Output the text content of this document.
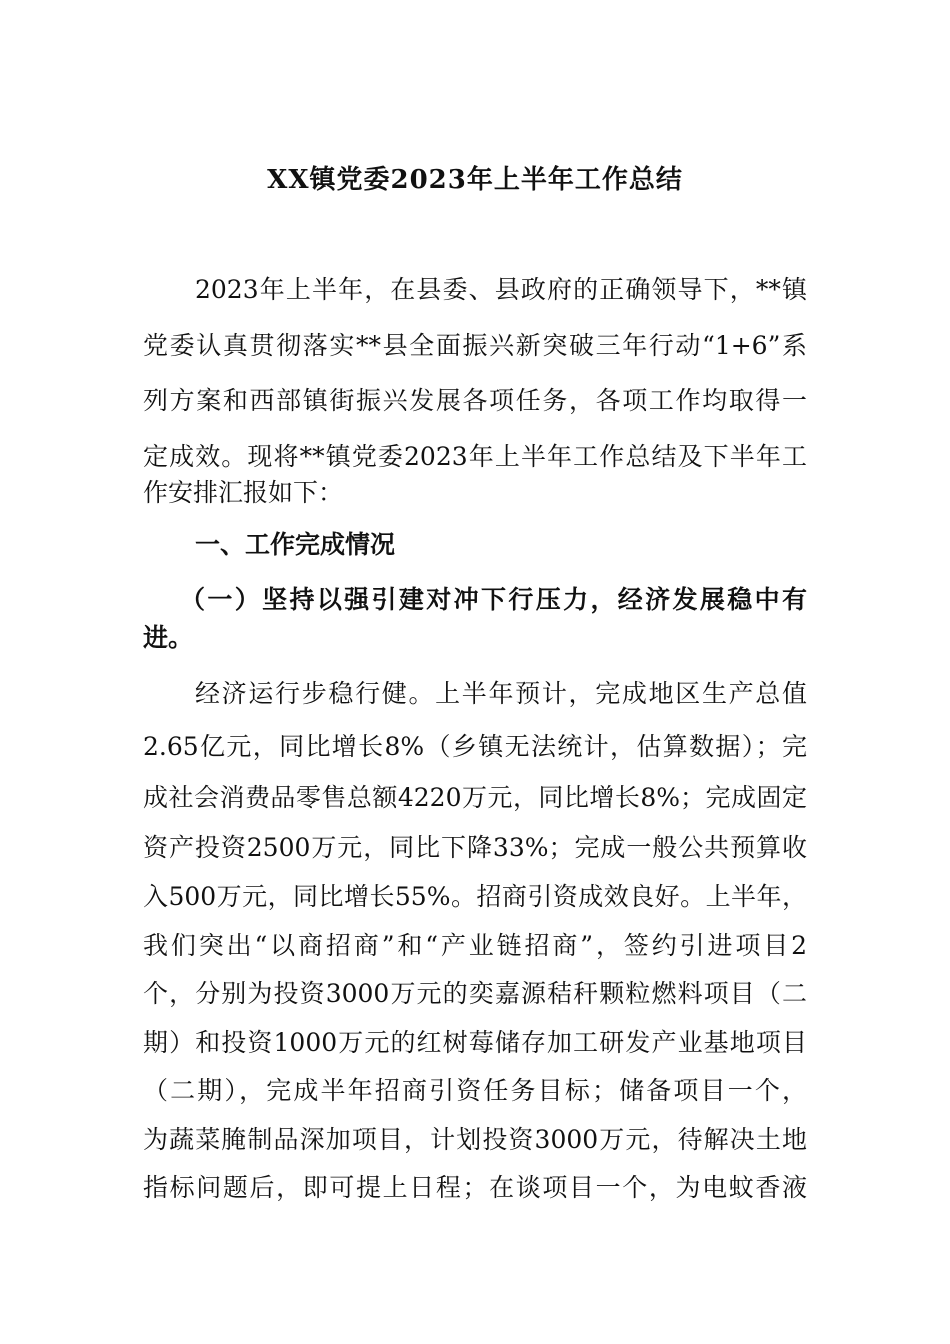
XX镇党委2023年上半年工作总结
2023年上半年，在县委、县政府的正确领导下，**镇
党委认真贯彻落实**县全面振兴新突破三年行动“1+6”系
列方案和西部镇街振兴发展各项任务，各项工作均取得一
定成效。现将**镇党委2023年上半年工作总结及下半年工
作安排汇报如下：
一、工作完成情况
（一）坚持以强引建对冲下行压力，经济发展稳中有
进。
经济运行步稳行健。上半年预计，完成地区生产总值
2.65亿元，同比增长8%（乡镇无法统计，估算数据）；完
成社会消费品零售总额4220万元，同比增长8%；完成固定
资产投资2500万元，同比下降33%；完成一般公共预算收
入500万元，同比增长55%。招商引资成效良好。上半年，
我们突出“以商招商”和“产业链招商”，签约引进项目2
个，分别为投资3000万元的奕嘉源秸秆颗粒燃料项目（二
期）和投资1000万元的红树莓储存加工研发产业基地项目
（二期），完成半年招商引资任务目标；储备项目一个，
为蔬菜腌制品深加项目，计划投资3000万元，待解决土地
指标问题后，即可提上日程；在谈项目一个，为电蚊香液
